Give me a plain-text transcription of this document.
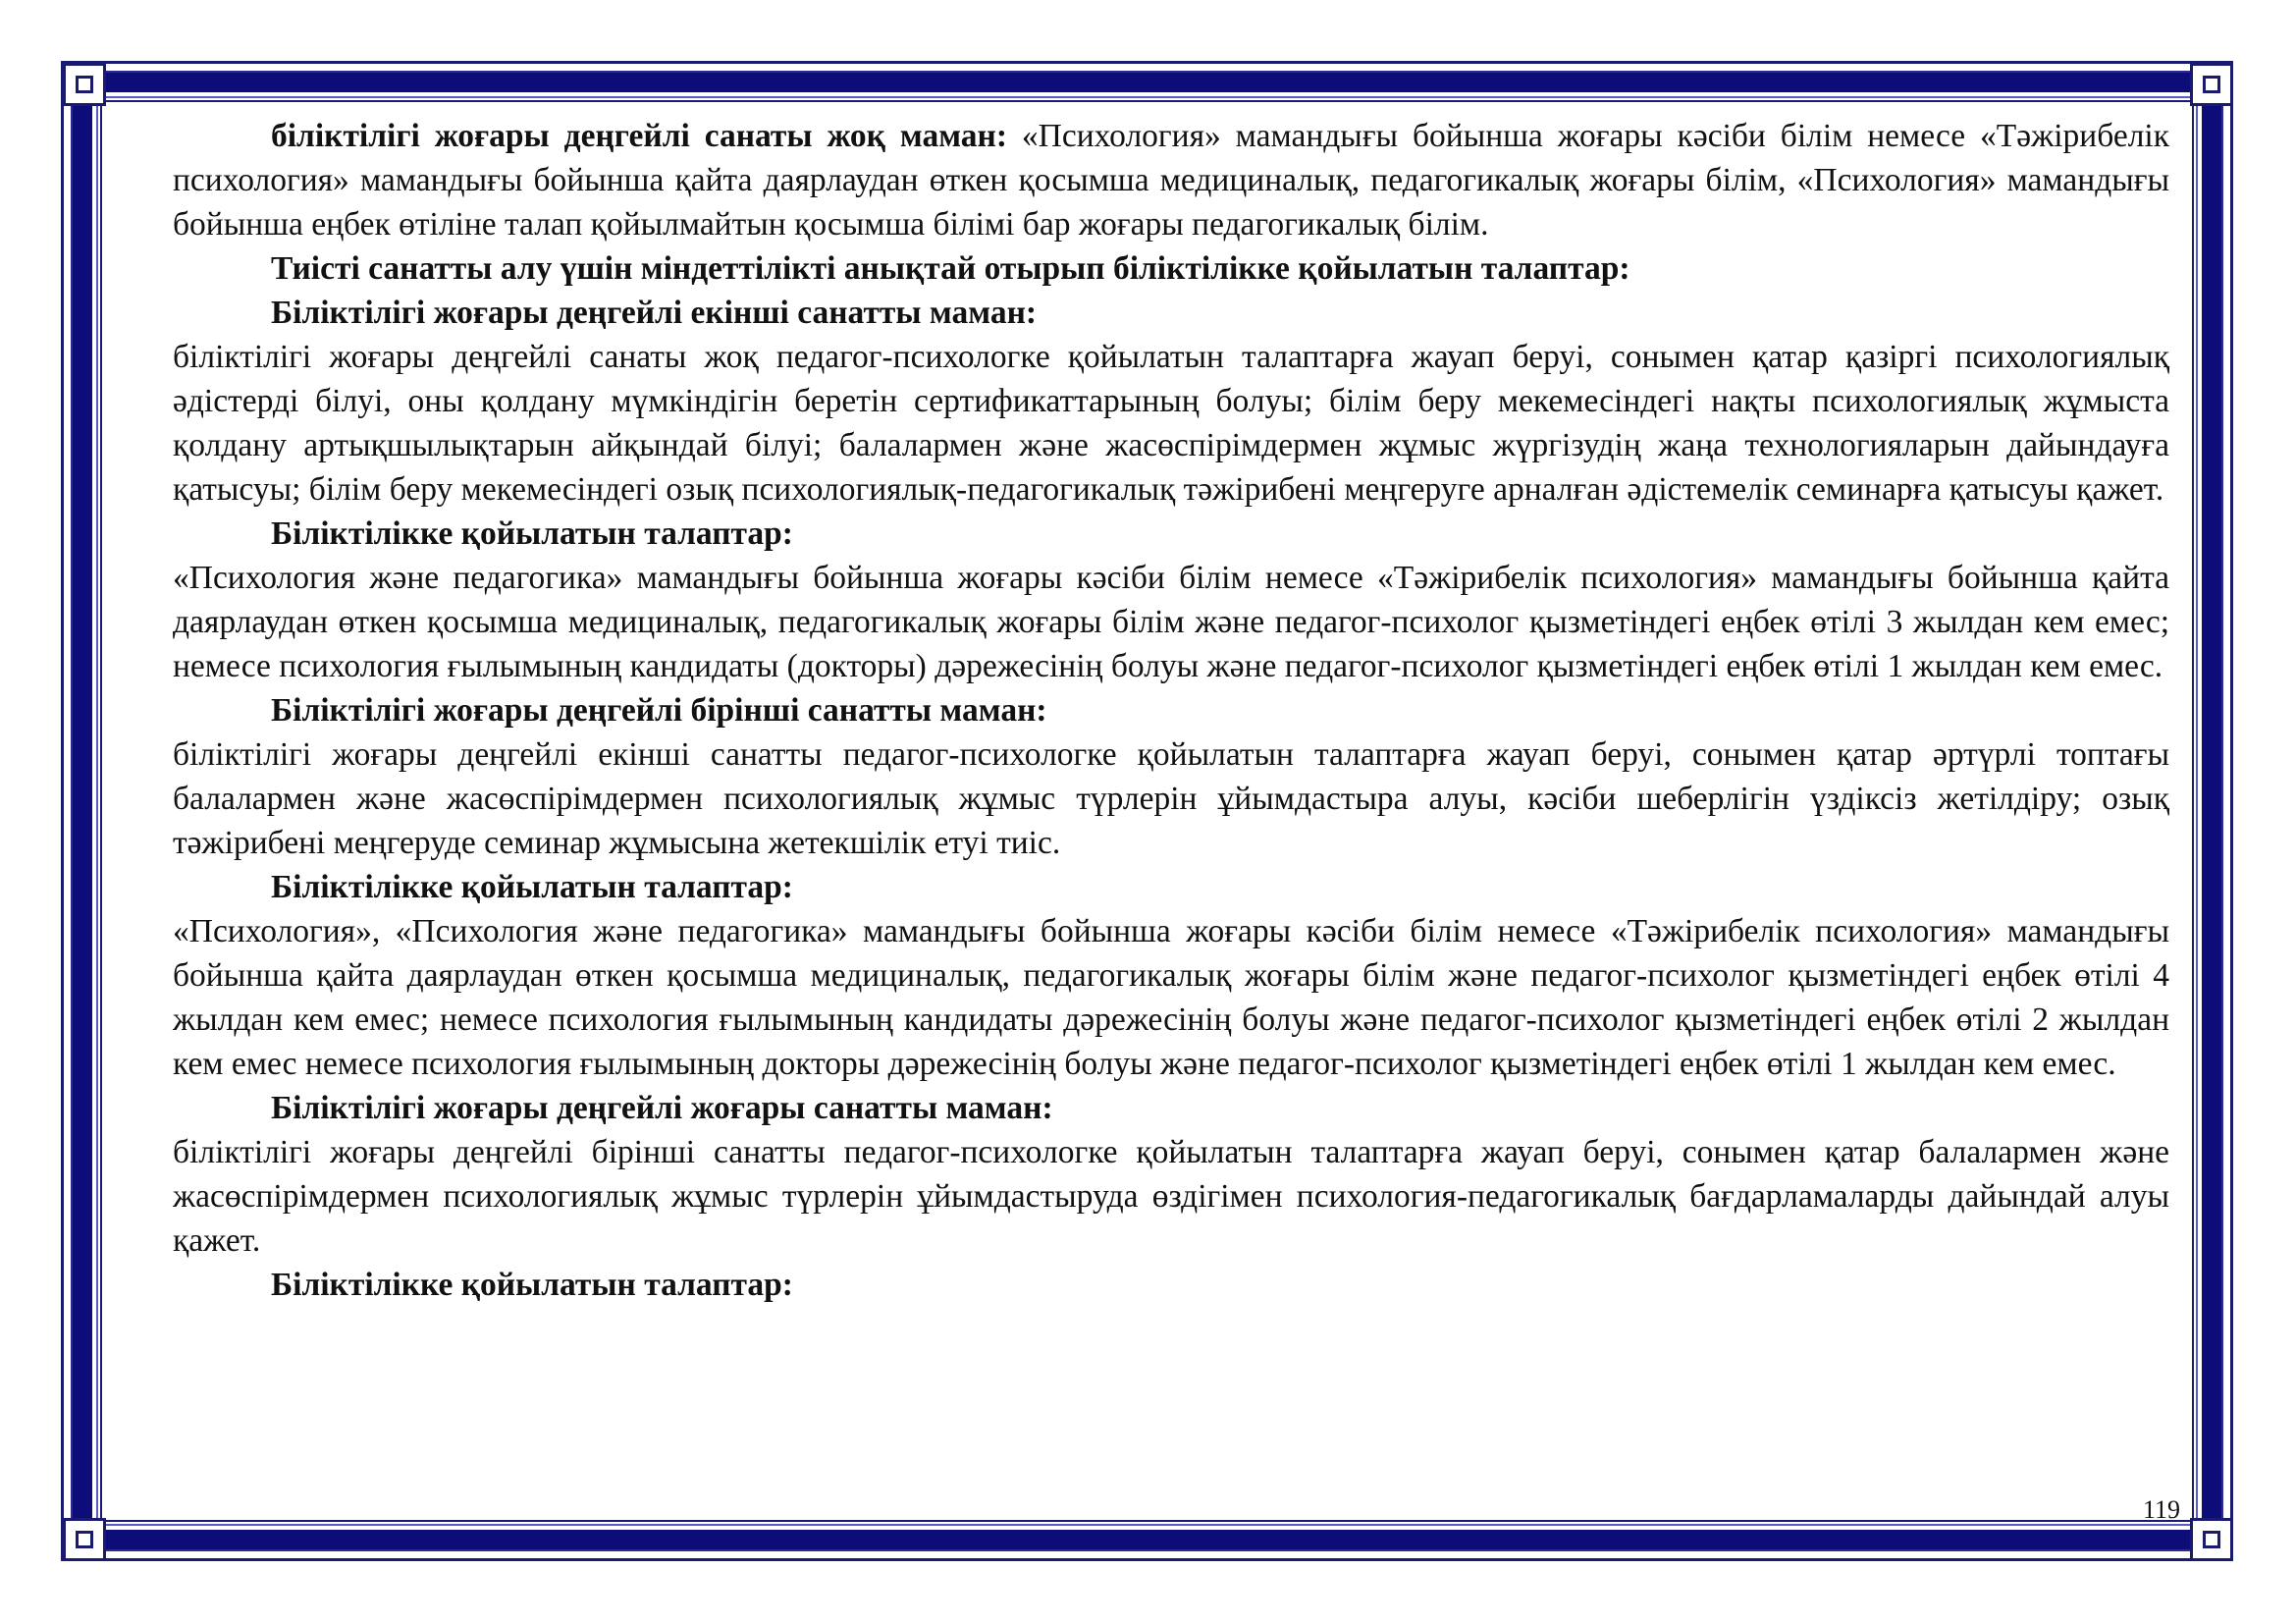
біліктілігі жоғары деңгейлі санаты жоқ маман: «Психология» мамандығы бойынша жоғары кәсіби білім немесе «Тәжірибелік психология» мамандығы бойынша қайта даярлаудан өткен қосымша медициналық, педагогикалық жоғары білім, «Психология» мамандығы бойынша еңбек өтіліне талап қойылмайтын қосымша білімі бар жоғары педагогикалық білім.

Тиісті санатты алу үшін міндеттілікті анықтай отырып біліктілікке қойылатын талаптар:

Біліктілігі жоғары деңгейлі екінші санатты маман:

біліктілігі жоғары деңгейлі санаты жоқ педагог-психологке қойылатын талаптарға жауап беруі, сонымен қатар қазіргі психологиялық әдістерді білуі, оны қолдану мүмкіндігін беретін сертификаттарының болуы; білім беру мекемесіндегі нақты психологиялық жұмыста қолдану артықшылықтарын айқындай білуі; балалармен және жасөспірімдермен жұмыс жүргізудің жаңа технологияларын дайындауға қатысуы; білім беру мекемесіндегі озық психологиялық-педагогикалық тәжірибені меңгеруге арналған әдістемелік семинарға қатысуы қажет.

Біліктілікке қойылатын талаптар:

«Психология және педагогика» мамандығы бойынша жоғары кәсіби білім немесе «Тәжірибелік психология» мамандығы бойынша қайта даярлаудан өткен қосымша медициналық, педагогикалық жоғары білім және педагог-психолог қызметіндегі еңбек өтілі 3 жылдан кем емес; немесе психология ғылымының кандидаты (докторы) дәрежесінің болуы және педагог-психолог қызметіндегі еңбек өтілі 1 жылдан кем емес.

Біліктілігі жоғары деңгейлі бірінші санатты маман:

біліктілігі жоғары деңгейлі екінші санатты педагог-психологке қойылатын талаптарға жауап беруі, сонымен қатар әртүрлі топтағы балалармен және жасөспірімдермен психологиялық жұмыс түрлерін ұйымдастыра алуы, кәсіби шеберлігін үздіксіз жетілдіру; озық тәжірибені меңгеруде семинар жұмысына жетекшілік етуі тиіс.

Біліктілікке қойылатын талаптар:

«Психология», «Психология және педагогика» мамандығы бойынша жоғары кәсіби білім немесе «Тәжірибелік психология» мамандығы бойынша қайта даярлаудан өткен қосымша медициналық, педагогикалық жоғары білім және педагог-психолог қызметіндегі еңбек өтілі 4 жылдан кем емес; немесе психология ғылымының кандидаты дәрежесінің болуы және педагог-психолог қызметіндегі еңбек өтілі 2 жылдан кем емес немесе психология ғылымының докторы дәрежесінің болуы және педагог-психолог қызметіндегі еңбек өтілі 1 жылдан кем емес.

Біліктілігі жоғары деңгейлі жоғары санатты маман:

біліктілігі жоғары деңгейлі бірінші санатты педагог-психологке қойылатын талаптарға жауап беруі, сонымен қатар балалармен және жасөспірімдермен психологиялық жұмыс түрлерін ұйымдастыруда өздігімен психология-педагогикалық бағдарламаларды дайындай алуы қажет.

Біліктілікке қойылатын талаптар:

119
